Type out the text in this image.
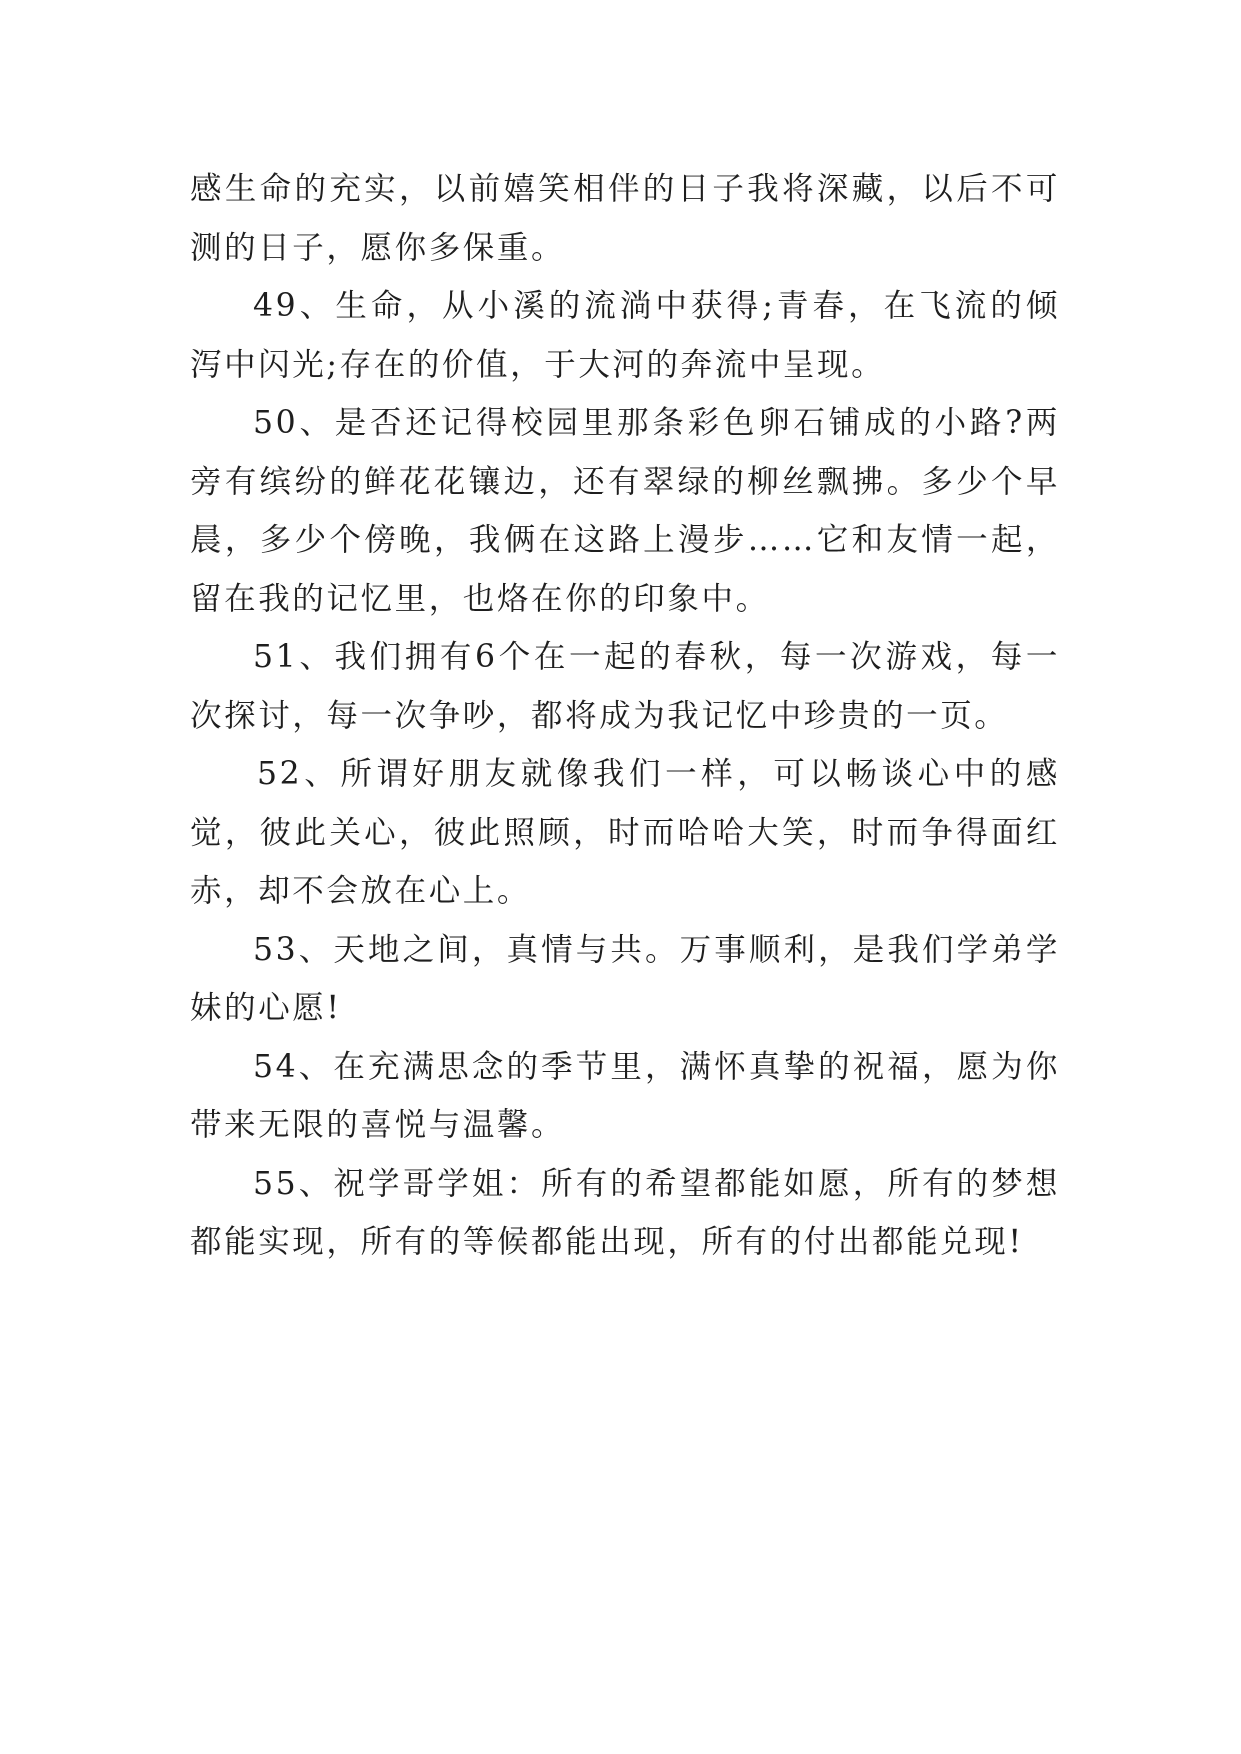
感生命的充实，以前嬉笑相伴的日子我将深藏，以后不可测的日子，愿你多保重。

49、生命，从小溪的流淌中获得;青春，在飞流的倾泻中闪光;存在的价值，于大河的奔流中呈现。

50、是否还记得校园里那条彩色卵石铺成的小路?两旁有缤纷的鲜花花镶边，还有翠绿的柳丝飘拂。多少个早晨，多少个傍晚，我俩在这路上漫步……它和友情一起，留在我的记忆里，也烙在你的印象中。

51、我们拥有6个在一起的春秋，每一次游戏，每一次探讨，每一次争吵，都将成为我记忆中珍贵的一页。

52、所谓好朋友就像我们一样，可以畅谈心中的感觉，彼此关心，彼此照顾，时而哈哈大笑，时而争得面红赤，却不会放在心上。

53、天地之间，真情与共。万事顺利，是我们学弟学妹的心愿!

54、在充满思念的季节里，满怀真挚的祝福，愿为你带来无限的喜悦与温馨。

55、祝学哥学姐：所有的希望都能如愿，所有的梦想都能实现，所有的等候都能出现，所有的付出都能兑现!
